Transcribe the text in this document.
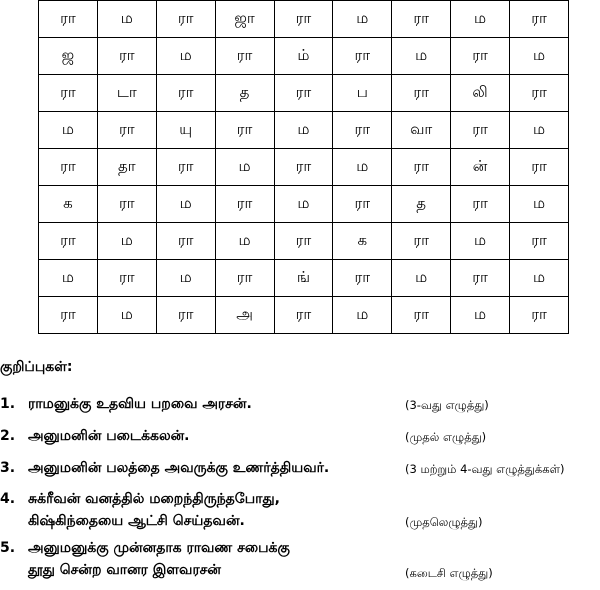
ரா	ம	ரா	ஜா	ரா	ம	ரா	ம	ரா
ஜ	ரா	ம	ரா	ம்	ரா	ம	ரா	ம
ரா	டா	ரா	த	ரா	ப	ரா	லி	ரா
ம	ரா	யு	ரா	ம	ரா	வா	ரா	ம
ரா	தா	ரா	ம	ரா	ம	ரா	ன்	ரா
க	ரா	ம	ரா	ம	ரா	த	ரா	ம
ரா	ம	ரா	ம	ரா	க	ரா	ம	ரா
ம	ரா	ம	ரா	ங்	ரா	ம	ரா	ம
ரா	ம	ரா	அ	ரா	ம	ரா	ம	ரா
குறிப்புகள்:
1. ராமனுக்கு உதவிய பறவை அரசன்.	(3-வது எழுத்து)
2. அனுமனின் படைக்கலன்.	(முதல் எழுத்து)
3. அனுமனின் பலத்தை அவருக்கு உணர்த்தியவர்.	(3 மற்றும் 4-வது எழுத்துக்கள்)
4. சுக்ரீவன் வனத்தில் மறைந்திருந்தபோது,
கிஷ்கிந்தையை ஆட்சி செய்தவன்.	(முதலெழுத்து)
5. அனுமனுக்கு முன்னதாக ராவண சபைக்கு
தூது சென்ற வானர இளவரசன்	(கடைசி எழுத்து)
